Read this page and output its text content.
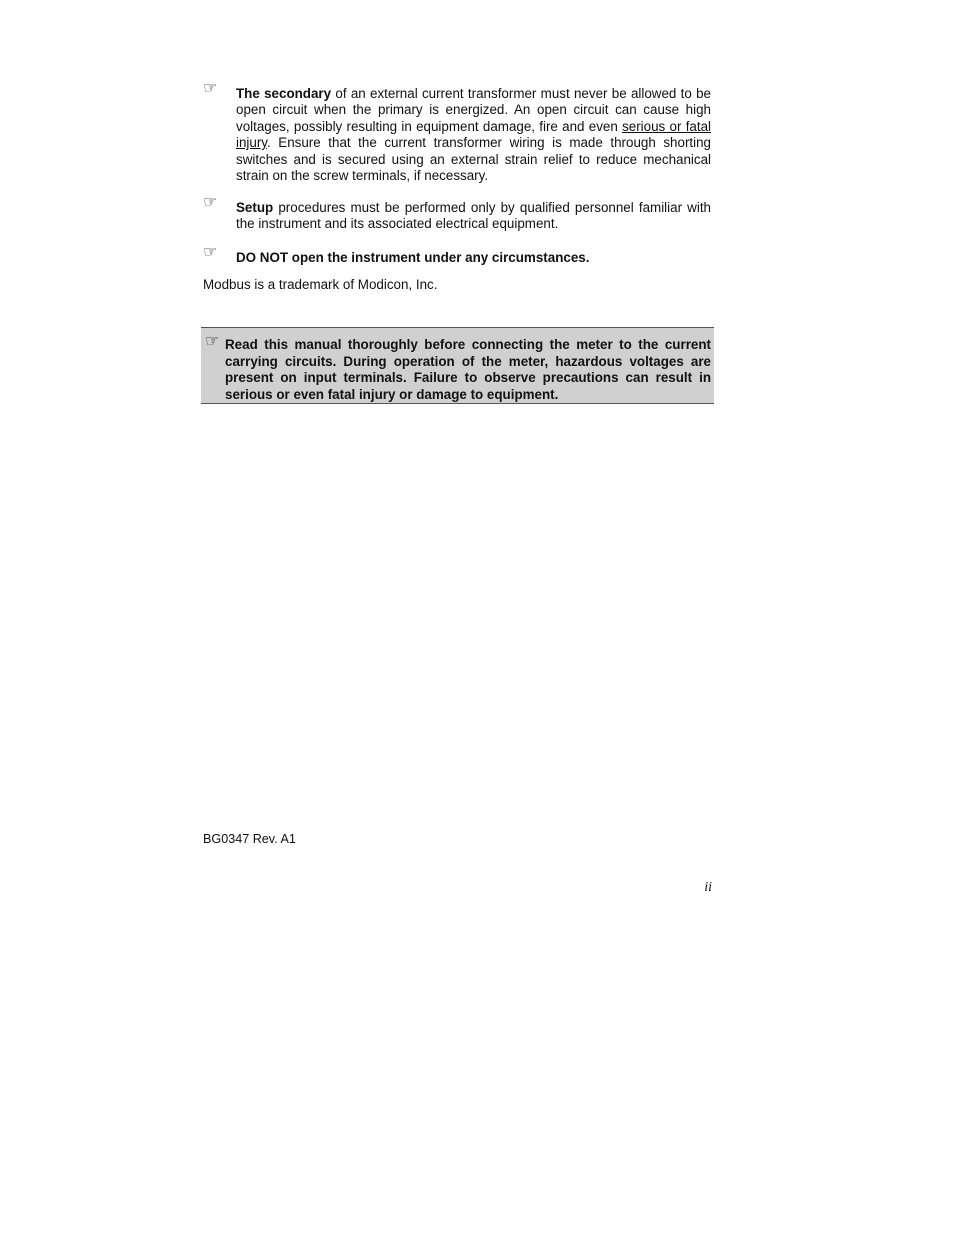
☞ The secondary of an external current transformer must never be allowed to be open circuit when the primary is energized. An open circuit can cause high voltages, possibly resulting in equipment damage, fire and even serious or fatal injury. Ensure that the current transformer wiring is made through shorting switches and is secured using an external strain relief to reduce mechanical strain on the screw terminals, if necessary.
☞ Setup procedures must be performed only by qualified personnel familiar with the instrument and its associated electrical equipment.
☞ DO NOT open the instrument under any circumstances.
Modbus is a trademark of Modicon, Inc.
☞ Read this manual thoroughly before connecting the meter to the current carrying circuits. During operation of the meter, hazardous voltages are present on input terminals. Failure to observe precautions can result in serious or even fatal injury or damage to equipment.
BG0347 Rev. A1
ii
